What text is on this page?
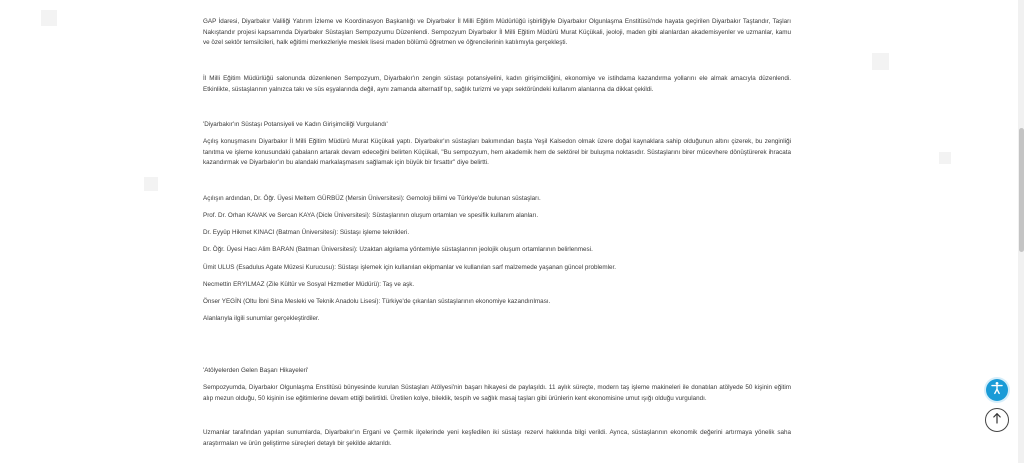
GAP İdaresi, Diyarbakır Valiliği Yatırım İzleme ve Koordinasyon Başkanlığı ve Diyarbakır İl Milli Eğitim Müdürlüğü işbirliğiyle Diyarbakır Olgunlaşma Enstitüsü'nde hayata geçirilen Diyarbakır Taştandır, Taşları Nakıştandır projesi kapsamında Diyarbakır Süstaşları Sempozyumu Düzenlendi. Sempozyum Diyarbakır İl Milli Eğitim Müdürü Murat Küçükali, jeoloji, maden gibi alanlardan akademisyenler ve uzmanlar, kamu ve özel sektör temsilcileri, halk eğitimi merkezleriyle meslek lisesi maden bölümü öğretmen ve öğrencilerinin katılımıyla gerçekleşti.

İl Milli Eğitim Müdürlüğü salonunda düzenlenen Sempozyum, Diyarbakır'ın zengin süstaşı potansiyelini, kadın girişimciliğini, ekonomiye ve istihdama kazandırma yollarını ele almak amacıyla düzenlendi. Etkinlikte, süstaşlarının yalnızca takı ve süs eşyalarında değil, aynı zamanda alternatif tıp, sağlık turizmi ve yapı sektöründeki kullanım alanlarına da dikkat çekildi.

'Diyarbakır'ın Süstaşı Potansiyeli ve Kadın Girişimciliği Vurgulandı'

Açılış konuşmasını Diyarbakır İl Milli Eğitim Müdürü Murat Küçükali yaptı. Diyarbakır'ın süstaşları bakımından başta Yeşil Kalsedon olmak üzere doğal kaynaklara sahip olduğunun altını çizerek, bu zenginliği tanıtma ve işleme konusundaki çabaların artarak devam edeceğini belirten Küçükali, "Bu sempozyum, hem akademik hem de sektörel bir buluşma noktasıdır. Süstaşlarını birer mücevhere dönüştürerek ihracata kazandırmak ve Diyarbakır'ın bu alandaki markalaşmasını sağlamak için büyük bir fırsattır" diye belirtti.

Açılışın ardından, Dr. Öğr. Üyesi Meltem GÜRBÜZ (Mersin Üniversitesi): Gemoloji bilimi ve Türkiye'de bulunan süstaşları.

Prof. Dr. Orhan KAVAK ve Sercan KAYA (Dicle Üniversitesi): Süstaşlarının oluşum ortamları ve spesifik kullanım alanları.

Dr. Eyyüp Hikmet KINACI (Batman Üniversitesi): Süstaşı işleme teknikleri.

Dr. Öğr. Üyesi Hacı Alim BARAN (Batman Üniversitesi): Uzaktan algılama yöntemiyle süstaşlarının jeolojik oluşum ortamlarının belirlenmesi.

Ümit ULUS (Esadulus Agate Müzesi Kurucusu): Süstaşı işlemek için kullanılan ekipmanlar ve kullanılan sarf malzemede yaşanan güncel problemler.

Necmettin ERYILMAZ (Zile Kültür ve Sosyal Hizmetler Müdürü): Taş ve aşk.

Önser YEGİN (Oltu İbni Sina Mesleki ve Teknik Anadolu Lisesi): Türkiye'de çıkarılan süstaşlarının ekonomiye kazandırılması.

Alanlarıyla ilgili sunumlar gerçekleştirdiler.

'Atölyelerden Gelen Başarı Hikayeleri'

Sempozyumda, Diyarbakır Olgunlaşma Enstitüsü bünyesinde kurulan Süstaşları Atölyesi'nin başarı hikayesi de paylaşıldı. 11 aylık süreçte, modern taş işleme makineleri ile donatılan atölyede 50 kişinin eğitim alıp mezun olduğu, 50 kişinin ise eğitimlerine devam ettiği belirtildi. Üretilen kolye, bileklik, tespih ve sağlık masaj taşları gibi ürünlerin kent ekonomisine umut ışığı olduğu vurgulandı.

Uzmanlar tarafından yapılan sunumlarda, Diyarbakır'ın Ergani ve Çermik ilçelerinde yeni keşfedilen iki süstaşı rezervi hakkında bilgi verildi. Ayrıca, süstaşlarının ekonomik değerini artırmaya yönelik saha araştırmaları ve ürün geliştirme süreçleri detaylı bir şekilde aktarıldı.
